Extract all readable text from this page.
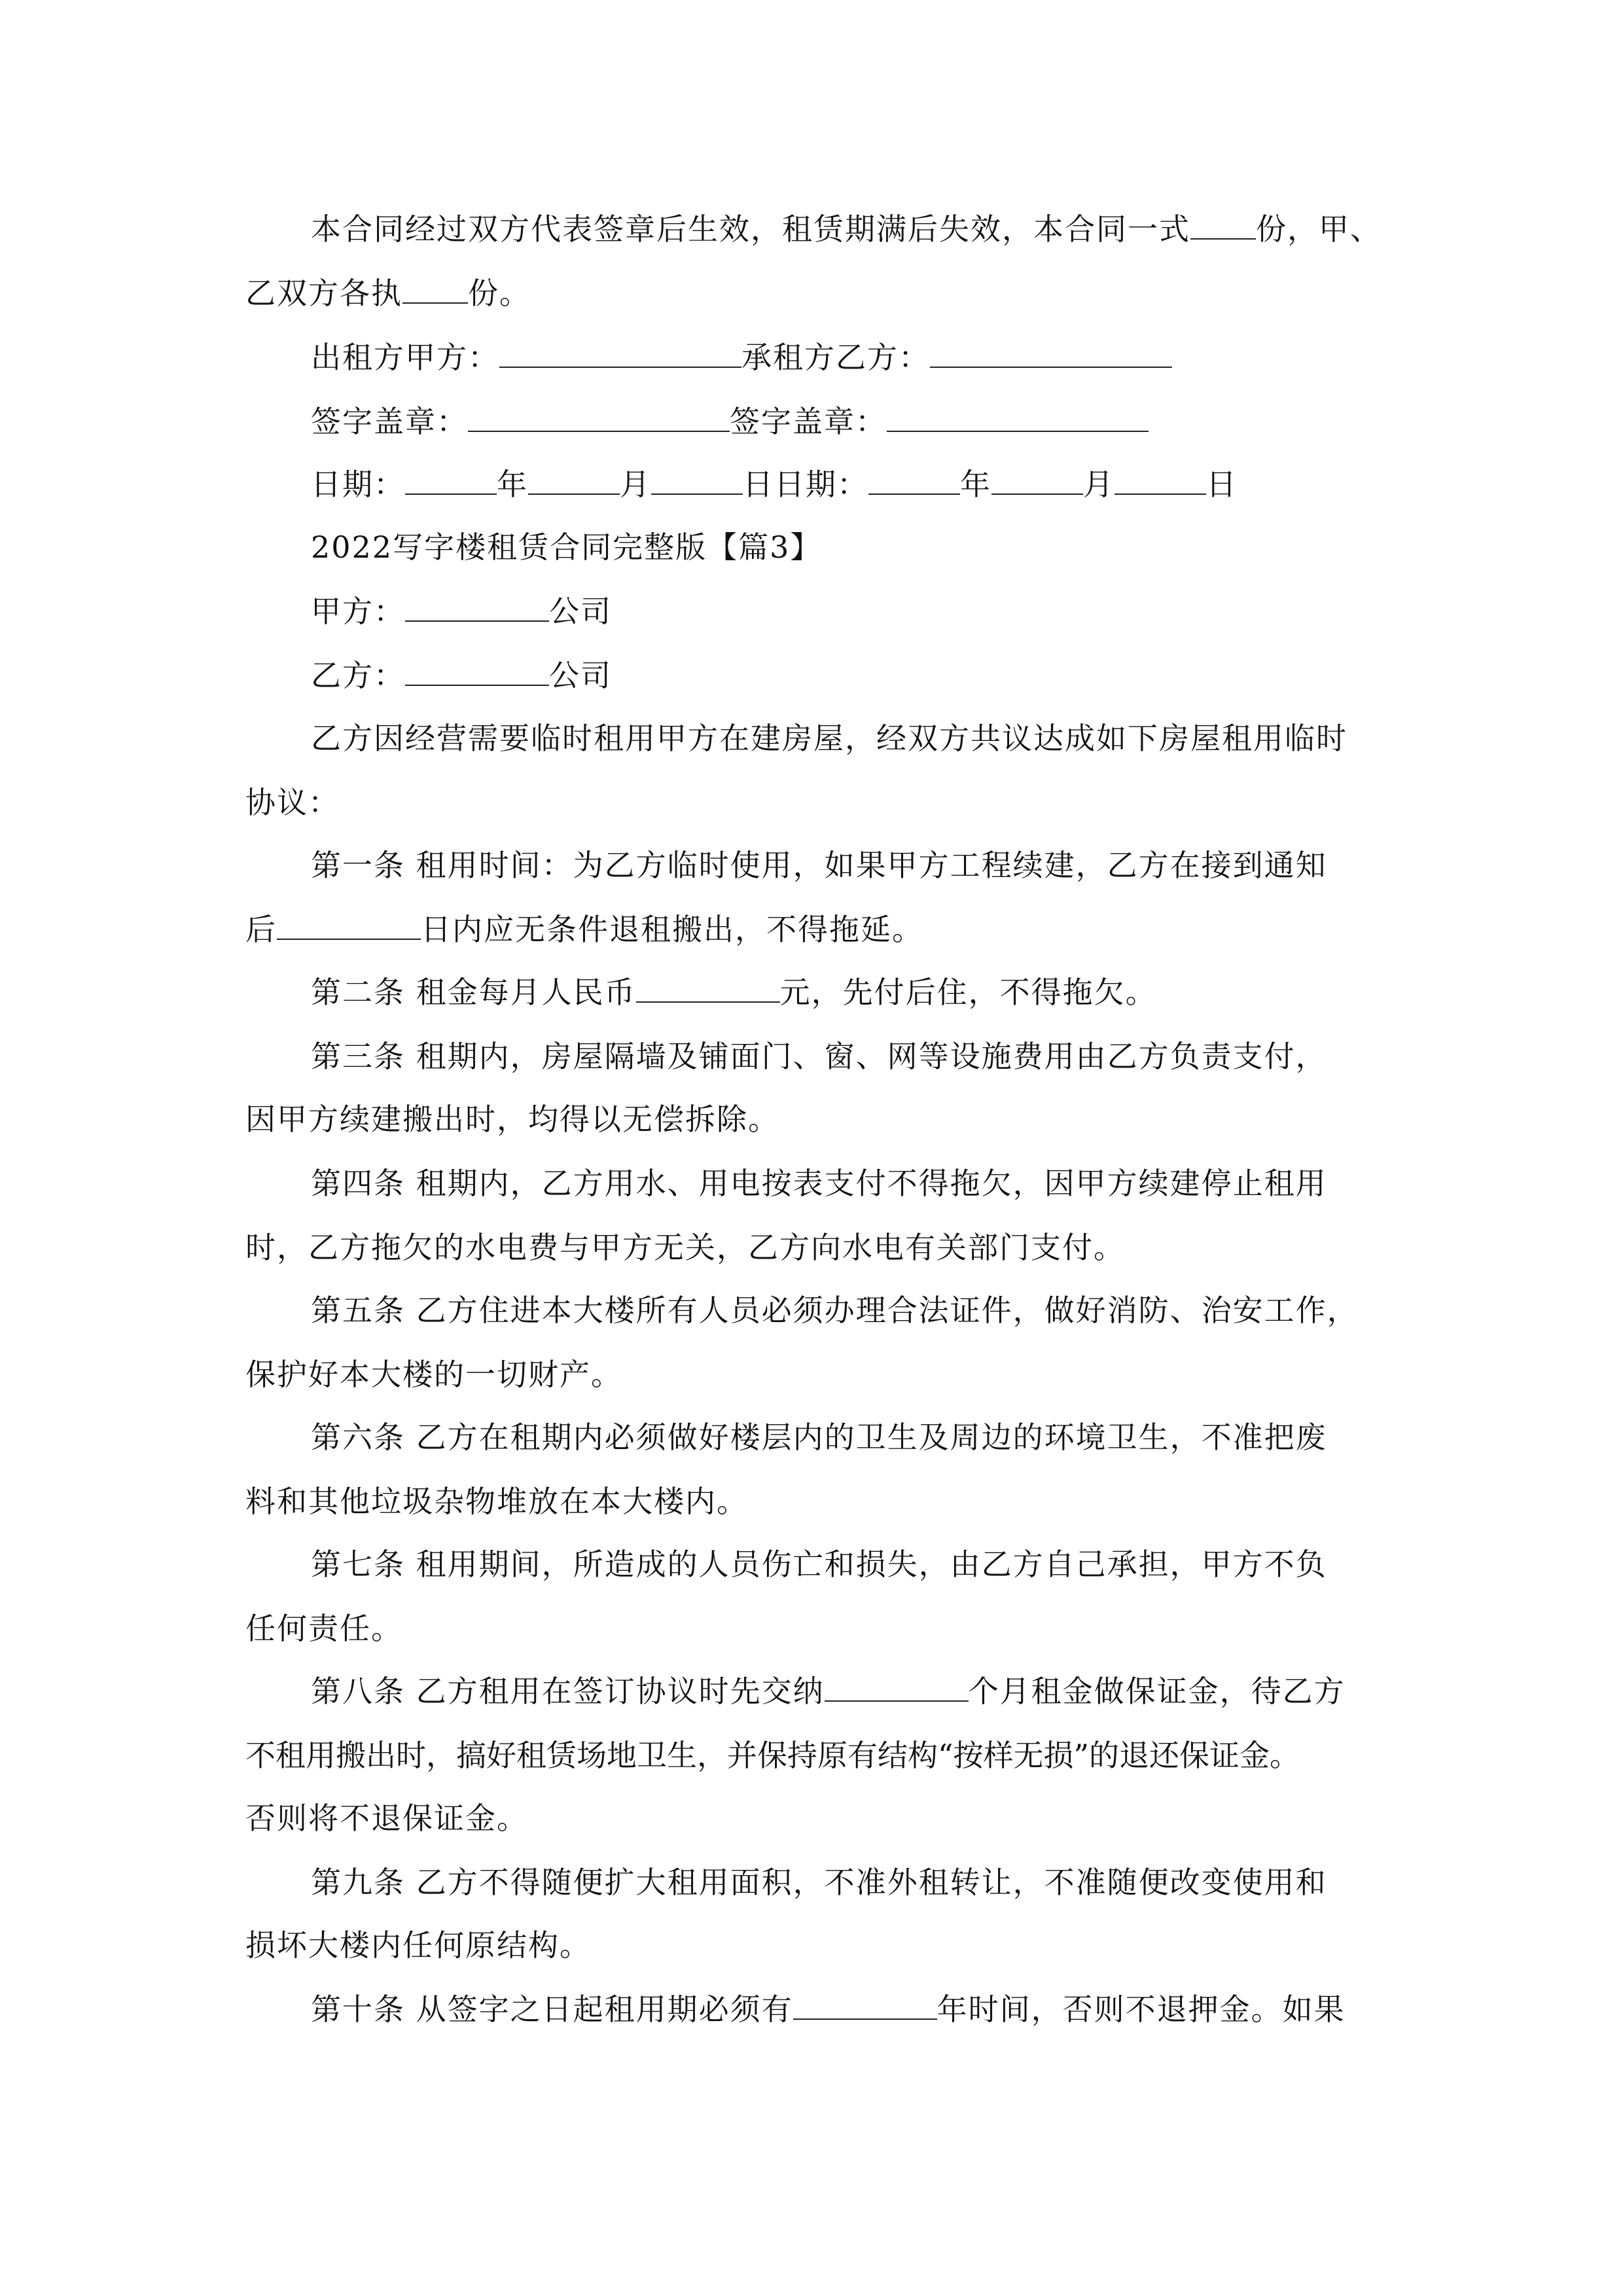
本合同经过双方代表签章后生效，租赁期满后失效，本合同一式 份，甲、
乙双方各执 份。
出租方甲方：	承租方乙方：
签字盖章：	签字盖章：
日期：	年	月	日日期：	年	月	日
2022写字楼租赁合同完整版【篇3】
甲方：	公司
乙方：	公司
乙方因经营需要临时租用甲方在建房屋，经双方共议达成如下房屋租用临时
协议：
第一条 租用时间：为乙方临时使用，如果甲方工程续建，乙方在接到通知
后	日内应无条件退租搬出，不得拖延。
第二条 租金每月人民币	元，先付后住，不得拖欠。
第三条 租期内，房屋隔墙及铺面门、窗、网等设施费用由乙方负责支付，
因甲方续建搬出时，均得以无偿拆除。
第四条 租期内，乙方用水、用电按表支付不得拖欠，因甲方续建停止租用
时，乙方拖欠的水电费与甲方无关，乙方向水电有关部门支付。
第五条 乙方住进本大楼所有人员必须办理合法证件，做好消防、治安工作，
保护好本大楼的一切财产。
第六条 乙方在租期内必须做好楼层内的卫生及周边的环境卫生，不准把废
料和其他垃圾杂物堆放在本大楼内。
第七条 租用期间，所造成的人员伤亡和损失，由乙方自己承担，甲方不负
任何责任。
第八条 乙方租用在签订协议时先交纳	个月租金做保证金，待乙方
不租用搬出时，搞好租赁场地卫生，并保持原有结构“按样无损”的退还保证金。
否则将不退保证金。
第九条 乙方不得随便扩大租用面积，不准外租转让，不准随便改变使用和
损坏大楼内任何原结构。
第十条 从签字之日起租用期必须有	年时间，否则不退押金。如果
